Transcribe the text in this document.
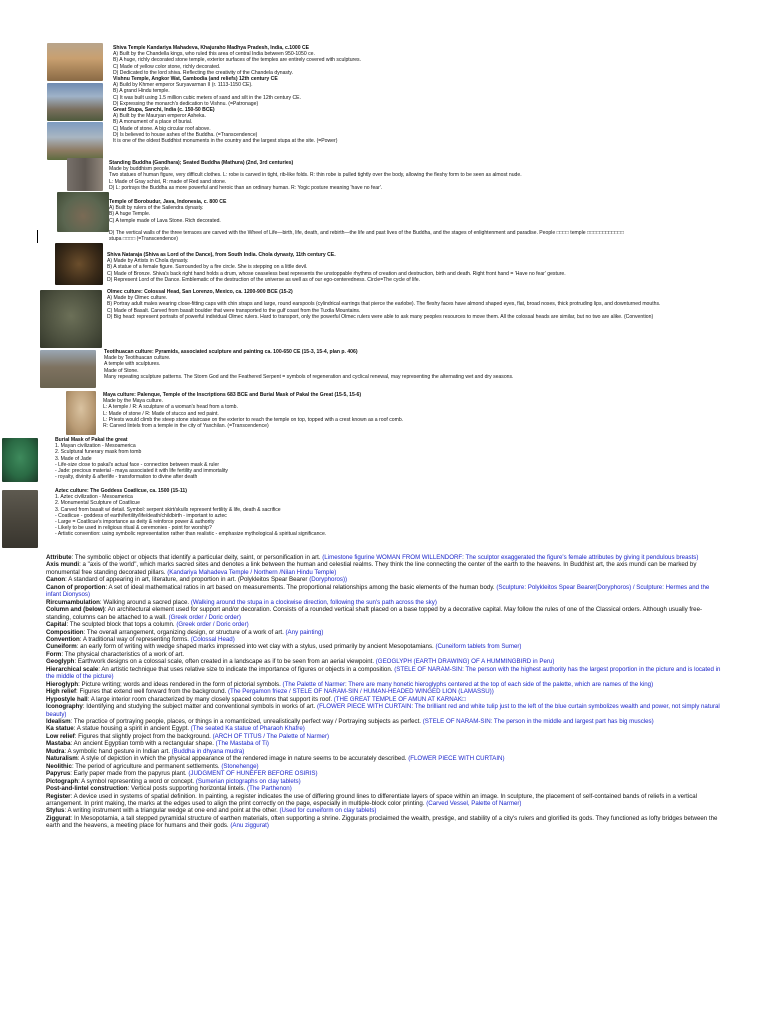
Shiva Temple Kandariya Mahadeva, Khajuraho Madhya Pradesh, India, c.1000 CE
A) Built by the Chandella kings, who ruled this area of central India between 950-1050 ce.
B) A huge, richly decorated stone temple, exterior surfaces of the temples are entirely covered with sculptures.
C) Made of yellow color stone, richly decorated.
D) Dedicated to the lord shiva. Reflecting the creativity of the Chandela dynasty.
Vishnu Temple, Angkor Wat, Cambodia (and reliefs) 12th century CE
A) Build by Khmer emperor Suryavarman II (r. 1113-1150 CE).
B) A grand Hindu temple.
C) It was built using 1.5 million cubic meters of sand and silt in the 12th century CE.
D) Expressing the monarch's dedication to Vishnu. (=Patronage)
Great Stupa, Sanchi, India (c. 150-50 BCE)
A) Built by the Mauryan emperor Asheka.
B) A monument of a place of burial.
C) Made of stone. A big circular roof above.
D) Is believed to house ashes of the Buddha. (=Transcendence)
It is one of the oldest Buddhist monuments in the country and the largest stupa at the site. (=Power)
Standing Buddha (Gandhara); Seated Buddha (Mathura) (2nd, 3rd centuries)
Made by buddhism people.
Two statues of human figure, very difficult clothes. L: robe is carved in tight, rib-like folds. R: thin robe is pulled tightly over the body, allowing the fleshy form to be seen as almost nude.
L: Made of Gray schist, R: made of Red sand stone.
D) L: portrays the Buddha as more powerful and heroic than an ordinary human. R: Yogic posture meaning 'have no fear'.
Temple of Borobudur, Java, Indonesia, c. 800 CE
A) Built by rulers of the Sailendra dynasty.
B) A huge Temple.
C) A temple made of Lava Stone. Rich decorated.
D) The vertical walls of the three terraces are carved with the Wheel of Life—birth, life, death, and rebirth—the life and past lives of the Buddha, and the stages of enlightenment and paradise. People □□□□ temple □□□□□□□□□□□□
stupa □□□□ (=Transcendence)
Shiva Nataraja (Shiva as Lord of the Dance), from South India. Chola dynasty, 11th century CE.
A) Made by Artists in Chola dynasty.
B) A statue of a female figure. Surrounded by a fire circle. She is stepping on a little devil.
C) Made of Bronze. Shiva's back right hand holds a drum, whose ceaseless beat represents the unstoppable rhythms of creation and destruction, birth and death. Right front hand = 'Have no fear' gesture.
D) Represent Lord of the Dance. Emblematic of the destruction of the universe as well as of our ego-centeredness. Circle=The cycle of life.
Olmec culture: Colossal Head, San Lorenzo, Mexico, ca. 1200-900 BCE (15-2)
A) Made by Olmec culture.
B) Portray adult males wearing close-fitting caps with chin straps and large, round earspools (cylindrical earrings that pierce the earlobe). The fleshy faces have almond shaped eyes, flat, broad noses, thick protruding lips, and downturned mouths.
C) Made of Basalt. Carved from basalt boulder that were transported to the gulf coast from the Tuxtla Mountains.
D) Big head: represent portraits of powerful individual Olmec rulers. Hard to transport, only the powerful Olmec rulers were able to ask many peoples resources to move them. All the colossal heads are similar, but no two are alike. (Convention)
Teotihuacan culture: Pyramids, associated sculpture and painting ca. 100-650 CE (15-3, 15-4, plan p. 406)
Made by Teotihuacan culture.
A temple with sculptures.
Made of Stone.
Many repeating sculpture patterns. The Storm God and the Feathered Serpent = symbols of regeneration and cyclical renewal, may representing the alternating wet and dry seasons.
Maya culture: Palenque, Temple of the Inscriptions 683 BCE and Burial Mask of Pakal the Great (15-5, 15-6)
Made by the Maya culture.
L: A temple / R: A sculpture of a woman's head from a tomb.
L: Made of stone / R: Made of stucco and red paint.
L: Priests would climb the steep stone staircase on the exterior to reach the temple on top, topped with a crest known as a roof comb.
R: Carved lintels from a temple in the city of Yaxchilan. (=Transcendence)
Burial Mask of Pakal the great
1. Mayan civilization - Mesoamerica
2. Sculptural funerary mask from tomb
3. Made of Jade
- Life-size close to pakal's actual face - connection between mask & ruler
- Jade: precious material - maya associated it with life fertility and immortality
- royalty, divinity & afterlife - transformation to divine after death
Aztec culture: The Goddess Coatlicue, ca. 1500 (15-11)
1. Aztec civilization - Mesoamerica
2. Monumental Sculpture of Coatlicue
3. Carved from basalt w/ detail. Symbol: serpent skirt/skulls represent fertility & life, death & sacrifice
- Coatlicue - goddess of earth/fertility/life/death/childbirth - important to aztec
- Large = Coatlicue's importance as deity & reinforce power & authority
- Likely to be used in religious ritual & ceremonies - point for worship?
- Artistic convention: using symbolic representation rather than realistic - emphasize mythological & spiritual significance.
Attribute: The symbolic object or objects that identify a particular deity, saint, or personification in art. (Limestone figurine WOMAN FROM WILLENDORF: The sculptor exaggerated the figure's female attributes by giving it pendulous breasts)
Axis mundi: a "axis of the world", which marks sacred sites and denotes a link between the human and celestial realms. They think the line connecting the center of the earth to the heavens. In Buddhist art, the axis mundi can be marked by monumental free standing decorated pillars. (Kandariya Mahadeva Temple / Northern /Nilan Hindu Temple)
Canon: A standard of appearing in art, literature, and proportion in art. (Polykleitos Spear Bearer (Doryphoros))
Canon of proportion: A set of ideal mathematical ratios in art based on measurements. The proportional relationships among the basic elements of the human body. (Sculpture: Polykleitos Spear Bearer(Doryphoros) / Sculpture: Hermes and the infant Dionysos)
Rircumambulation: Walking around a sacred place. (Walking around the stupa in a clockwise direction, following the sun's path across the sky)
Column and (below): An architectural element used for support and/or decoration. Consists of a rounded vertical shaft placed on a base topped by a decorative capital. May follow the rules of one of the Classical orders. Although usually free-standing, columns can be attached to a wall. (Greek order / Doric order)
Capital: The sculpted block that tops a column. (Greek order / Doric order)
Composition: The overall arrangement, organizing design, or structure of a work of art. (Any painting)
Convention: A traditional way of representing forms. (Colossal Head)
Cuneiform: an early form of writing with wedge shaped marks impressed into wet clay with a stylus, used primarily by ancient Mesopotamians. (Cuneiform tablets from Sumer)
Form: The physical characteristics of a work of art.
Geoglyph: Earthwork designs on a colossal scale, often created in a landscape as if to be seen from an aerial viewpoint. (GEOGLYPH (EARTH DRAWING) OF A HUMMINGBIRD in Peru)
Hierarchical scale: An artistic technique that uses relative size to indicate the importance of figures or objects in a composition. (STELE OF NARAM-SIN: The person with the highest authority has the largest proportion in the picture and is located in the middle of the picture)
Hieroglyph: Picture writing; words and ideas rendered in the form of pictorial symbols. (The Palette of Narmer: There are many honetic hieroglyphs centered at the top of each side of the palette, which are names of the king)
High relief: Figures that extend well forward from the background. (The Pergamon frieze / STELE OF NARAM-SIN / HUMAN-HEADED WINGED LION (LAMASSU))
Hypostyle hall: A large interior room characterized by many closely spaced columns that support its roof. (THE GREAT TEMPLE OF AMUN AT KARNAK□
Iconography: Identifying and studying the subject matter and conventional symbols in works of art. (FLOWER PIECE WITH CURTAIN: The brilliant red and white tulip just to the left of the blue curtain symbolizes wealth and power, not simply natural beauty)
Idealism: The practice of portraying people, places, or things in a romanticized, unrealistically perfect way / Portraying subjects as perfect. (STELE OF NARAM-SIN: The person in the middle and largest part has big muscles)
Ka statue: A statue housing a spirit in ancient Egypt. (The seated Ka statue of Pharaoh Khafre)
Low relief: Figures that slightly project from the background. (ARCH OF TITUS / The Palette of Narmer)
Mastaba: An ancient Egyptian tomb with a rectangular shape. (The Mastaba of Ti)
Mudra: A symbolic hand gesture in Indian art. (Buddha in dhyana mudra)
Naturalism: A style of depiction in which the physical appearance of the rendered image in nature seems to be accurately described. (FLOWER PIECE WITH CURTAIN)
Neolithic: The period of agriculture and permanent settlements. (Stonehenge)
Papyrus: Early paper made from the papyrus plant. (JUDGMENT OF HUNEFER BEFORE OSIRIS)
Pictograph: A symbol representing a word or concept. (Sumerian pictographs on clay tablets)
Post-and-lintel construction: Vertical posts supporting horizontal lintels. (The Parthenon)
Register: A device used in systems of spatial definition. In painting, a register indicates the use of differing ground lines to differentiate layers of space within an image. In sculpture, the placement of self-contained bands of reliefs in a vertical arrangement. In print making, the marks at the edges used to align the print correctly on the page, especially in multiple-block color printing. (Carved Vessel, Palette of Narmer)
Stylus: A writing instrument with a triangular wedge at one end and point at the other. (Used for cuneiform on clay tablets)
Ziggurat: In Mesopotamia, a tall stepped pyramidal structure of earthen materials, often supporting a shrine. Ziggurats proclaimed the wealth, prestige, and stability of a city's rulers and glorified its gods. They functioned as lofty bridges between the earth and the heavens, a meeting place for humans and their gods. (Anu ziggurat)
